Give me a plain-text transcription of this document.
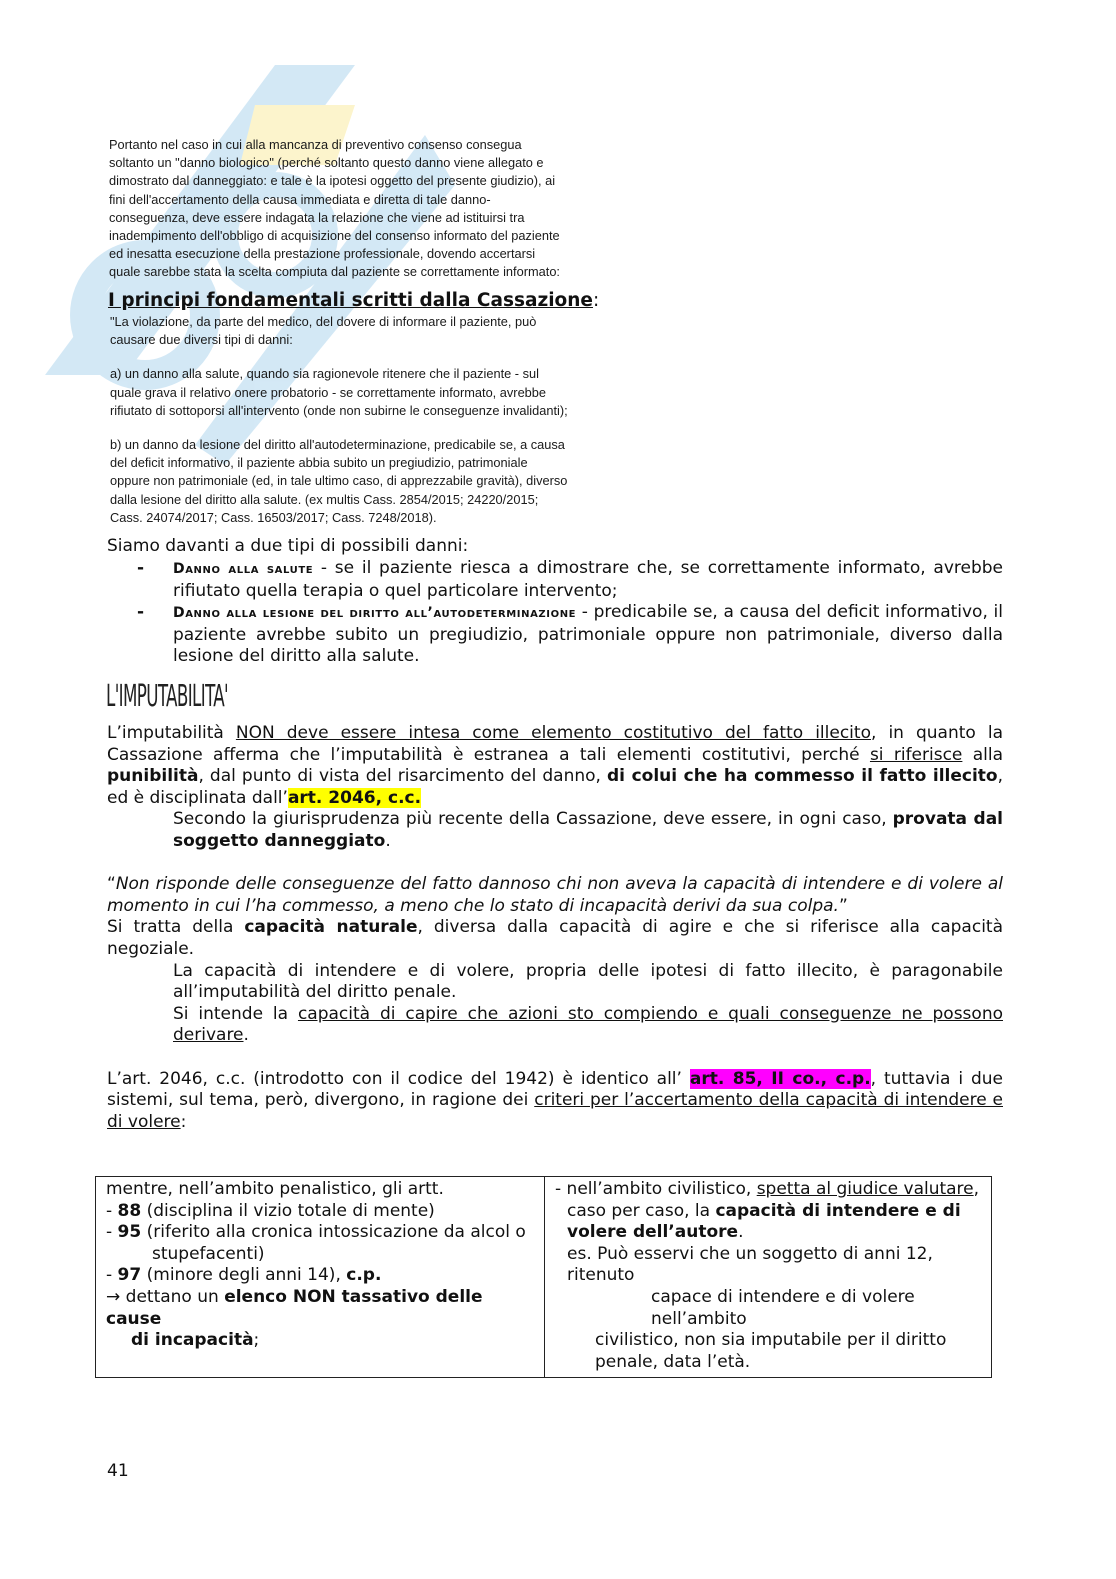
Portanto nel caso in cui alla mancanza di preventivo consenso consegua

soltanto un "danno biologico" (perché soltanto questo danno viene allegato e

dimostrato dal danneggiato: e tale è la ipotesi oggetto del presente giudizio), ai

fini dell'accertamento della causa immediata e diretta di tale danno-

conseguenza, deve essere indagata la relazione che viene ad istituirsi tra

inadempimento dell'obbligo di acquisizione del consenso informato del paziente

ed inesatta esecuzione della prestazione professionale, dovendo accertarsi

quale sarebbe stata la scelta compiuta dal paziente se correttamente informato:

I principi fondamentali scritti dalla Cassazione:

"La violazione, da parte del medico, del dovere di informare il paziente, può

causare due diversi tipi di danni:

a) un danno alla salute, quando sia ragionevole ritenere che il paziente - sul

quale grava il relativo onere probatorio - se correttamente informato, avrebbe

rifiutato di sottoporsi all'intervento (onde non subirne le conseguenze invalidanti);

b) un danno da lesione del diritto all'autodeterminazione, predicabile se, a causa

del deficit informativo, il paziente abbia subito un pregiudizio, patrimoniale

oppure non patrimoniale (ed, in tale ultimo caso, di apprezzabile gravità), diverso

dalla lesione del diritto alla salute. (ex multis Cass. 2854/2015; 24220/2015;

Cass. 24074/2017; Cass. 16503/2017; Cass. 7248/2018).

Siamo davanti a due tipi di possibili danni:

- Danno alla salute - se il paziente riesca a dimostrare che, se correttamente informato, avrebbe rifiutato quella terapia o quel particolare intervento;
- Danno alla lesione del diritto all’autodeterminazione - predicabile se, a causa del deficit informativo, il paziente avrebbe subito un pregiudizio, patrimoniale oppure non patrimoniale, diverso dalla lesione del diritto alla salute.
L'IMPUTABILITA'

L’imputabilità NON deve essere intesa come elemento costitutivo del fatto illecito, in quanto la Cassazione afferma che l’imputabilità è estranea a tali elementi costitutivi, perché si riferisce alla punibilità, dal punto di vista del risarcimento del danno, di colui che ha commesso il fatto illecito, ed è disciplinata dall’art. 2046, c.c.

Secondo la giurisprudenza più recente della Cassazione, deve essere, in ogni caso, provata dal soggetto danneggiato.

“Non risponde delle conseguenze del fatto dannoso chi non aveva la capacità di intendere e di volere al momento in cui l’ha commesso, a meno che lo stato di incapacità derivi da sua colpa.”

Si tratta della capacità naturale, diversa dalla capacità di agire e che si riferisce alla capacità negoziale.

La capacità di intendere e di volere, propria delle ipotesi di fatto illecito, è paragonabile all’imputabilità del diritto penale.

Si intende la capacità di capire che azioni sto compiendo e quali conseguenze ne possono derivare.

L’art. 2046, c.c. (introdotto con il codice del 1942) è identico all’ art. 85, II co., c.p., tuttavia i due sistemi, sul tema, però, divergono, in ragione dei criteri per l’accertamento della capacità di intendere e di volere:

mentre, nell’ambito penalistico, gli artt.
- 88 (disciplina il vizio totale di mente)
- 95 (riferito alla cronica intossicazione da alcol o
stupefacenti)
- 97 (minore degli anni 14), c.p.
→ dettano un elenco NON tassativo delle cause
di incapacità;

- nell’ambito civilistico, spetta al giudice valutare,
caso per caso, la capacità di intendere e di
volere dell’autore.
es. Può esservi che un soggetto di anni 12, ritenuto
capace di intendere e di volere nell’ambito
civilistico, non sia imputabile per il diritto penale, data l’età.
41
